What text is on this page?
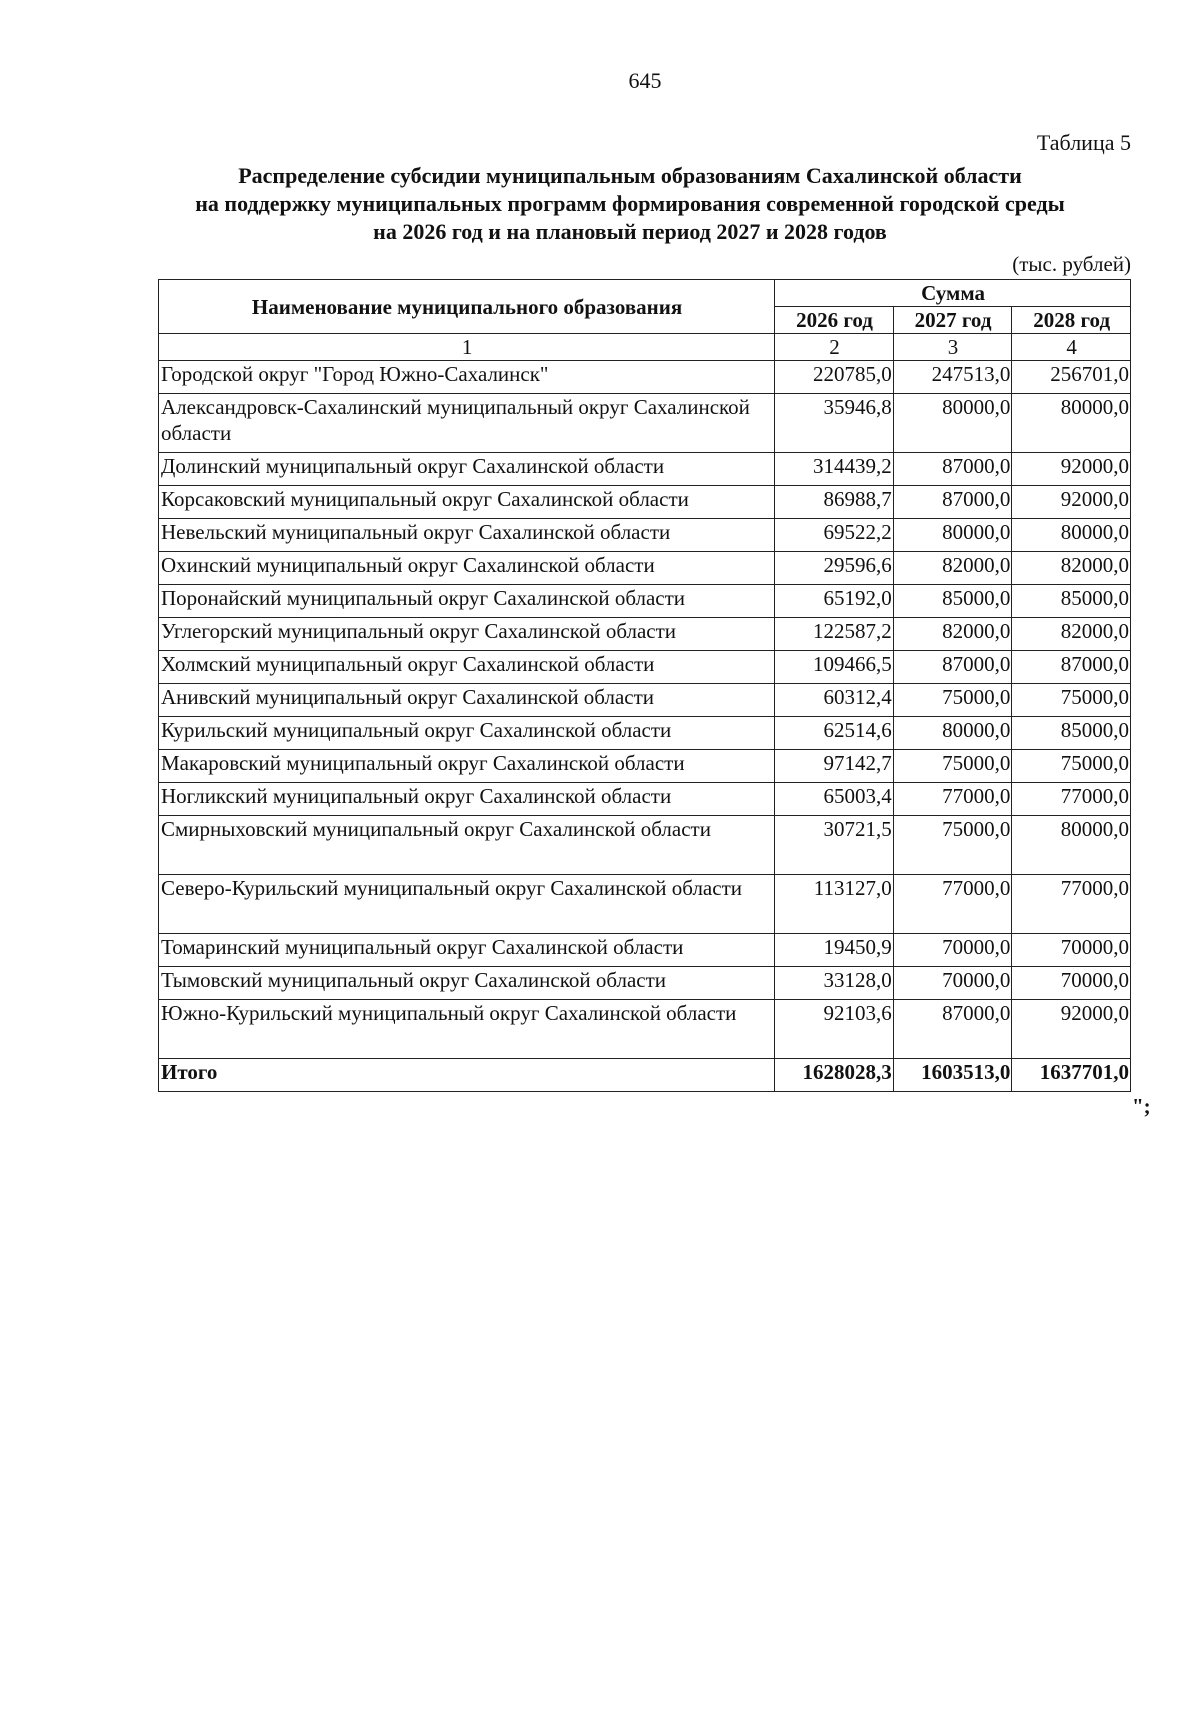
645
Таблица 5
Распределение субсидии муниципальным образованиям Сахалинской области
на поддержку муниципальных программ формирования современной городской среды
на 2026 год и на плановый период 2027 и 2028 годов
(тыс. рублей)
Наименование муниципального образования	Сумма		
	2026 год	2027 год	2028 год
1	2	3	4
Городской округ "Город Южно-Сахалинск"	220785,0	247513,0	256701,0
Александровск-Сахалинский муниципальный округ Сахалинской области	35946,8	80000,0	80000,0
Долинский муниципальный округ Сахалинской области	314439,2	87000,0	92000,0
Корсаковский муниципальный округ Сахалинской области	86988,7	87000,0	92000,0
Невельский муниципальный округ Сахалинской области	69522,2	80000,0	80000,0
Охинский муниципальный округ Сахалинской области	29596,6	82000,0	82000,0
Поронайский муниципальный округ Сахалинской области	65192,0	85000,0	85000,0
Углегорский муниципальный округ Сахалинской области	122587,2	82000,0	82000,0
Холмский муниципальный округ Сахалинской области	109466,5	87000,0	87000,0
Анивский муниципальный округ Сахалинской области	60312,4	75000,0	75000,0
Курильский муниципальный округ Сахалинской области	62514,6	80000,0	85000,0
Макаровский муниципальный округ Сахалинской области	97142,7	75000,0	75000,0
Ногликский муниципальный округ Сахалинской области	65003,4	77000,0	77000,0
Смирныховский муниципальный округ Сахалинской области	30721,5	75000,0	80000,0
Северо-Курильский муниципальный округ Сахалинской области	113127,0	77000,0	77000,0
Томаринский муниципальный округ Сахалинской области	19450,9	70000,0	70000,0
Тымовский муниципальный округ Сахалинской области	33128,0	70000,0	70000,0
Южно-Курильский муниципальный округ Сахалинской области	92103,6	87000,0	92000,0
Итого	1628028,3	1603513,0	1637701,0
";
